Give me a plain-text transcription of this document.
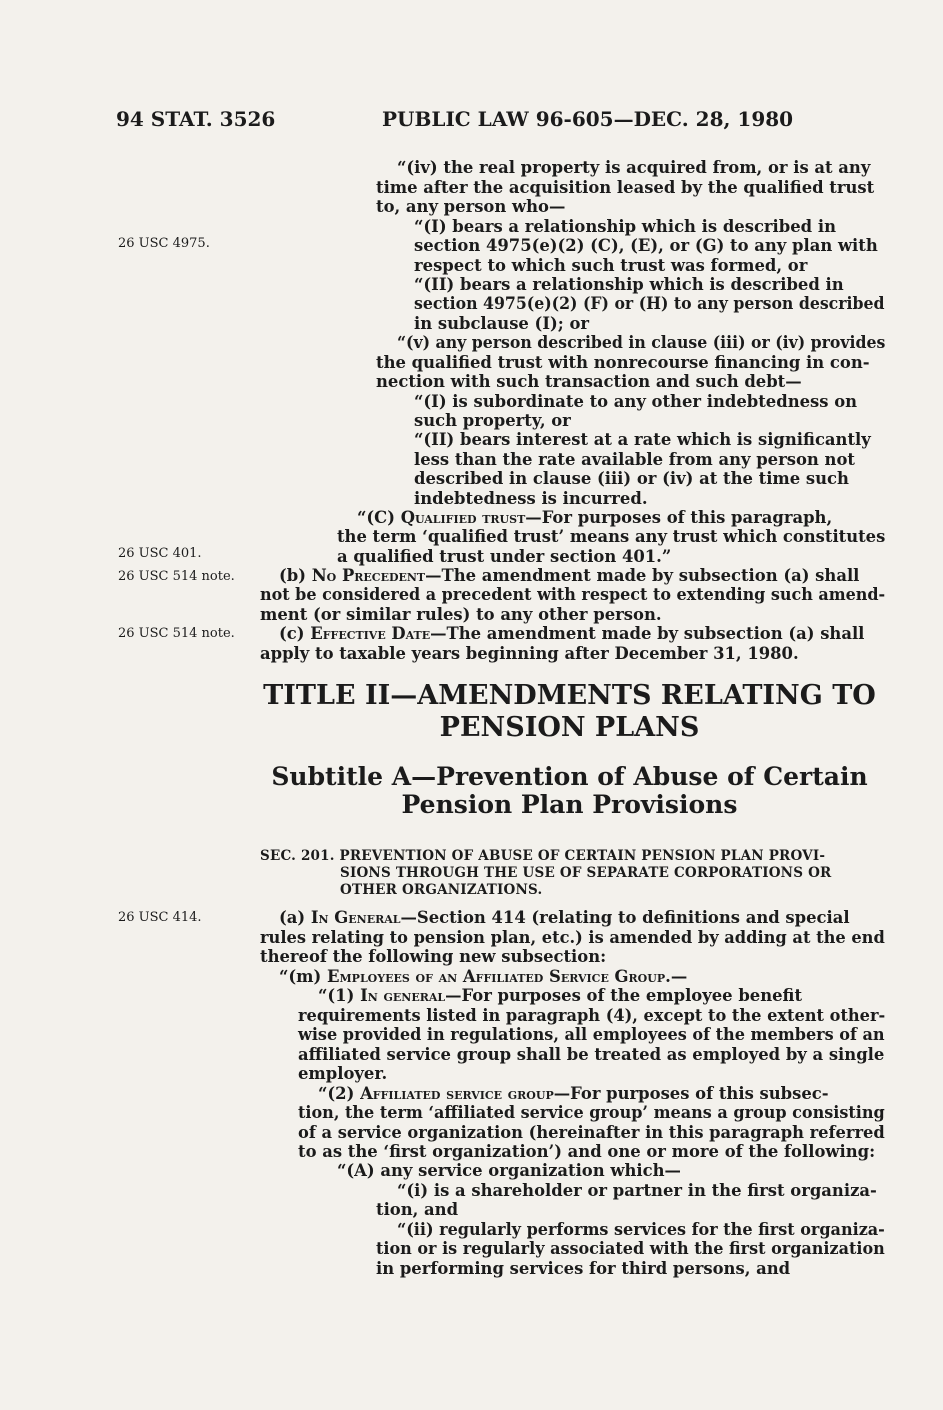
94 STAT. 3526	PUBLIC LAW 96-605—DEC. 28, 1980
26 USC 4975.
26 USC 401.
26 USC 514 note.
26 USC 514 note.
26 USC 414.
“(iv) the real property is acquired from, or is at any
time after the acquisition leased by the qualified trust
to, any person who—
“(I) bears a relationship which is described in
section 4975(e)(2) (C), (E), or (G) to any plan with
respect to which such trust was formed, or
“(II) bears a relationship which is described in
section 4975(e)(2) (F) or (H) to any person described
in subclause (I); or
“(v) any person described in clause (iii) or (iv) provides
the qualified trust with nonrecourse financing in con-
nection with such transaction and such debt—
“(I) is subordinate to any other indebtedness on
such property, or
“(II) bears interest at a rate which is significantly
less than the rate available from any person not
described in clause (iii) or (iv) at the time such
indebtedness is incurred.
“(C) Qualified trust—For purposes of this paragraph,
the term ‘qualified trust’ means any trust which constitutes
a qualified trust under section 401.”
(b) No Precedent—The amendment made by subsection (a) shall
not be considered a precedent with respect to extending such amend-
ment (or similar rules) to any other person.
(c) Effective Date—The amendment made by subsection (a) shall
apply to taxable years beginning after December 31, 1980.
TITLE II—AMENDMENTS RELATING TO
PENSION PLANS
Subtitle A—Prevention of Abuse of Certain
Pension Plan Provisions
SEC. 201. PREVENTION OF ABUSE OF CERTAIN PENSION PLAN PROVI-
SIONS THROUGH THE USE OF SEPARATE CORPORATIONS OR
OTHER ORGANIZATIONS.
(a) In General—Section 414 (relating to definitions and special
rules relating to pension plan, etc.) is amended by adding at the end
thereof the following new subsection:
“(m) Employees of an Affiliated Service Group.—
“(1) In general—For purposes of the employee benefit
requirements listed in paragraph (4), except to the extent other-
wise provided in regulations, all employees of the members of an
affiliated service group shall be treated as employed by a single
employer.
“(2) Affiliated service group—For purposes of this subsec-
tion, the term ‘affiliated service group’ means a group consisting
of a service organization (hereinafter in this paragraph referred
to as the ‘first organization’) and one or more of the following:
“(A) any service organization which—
“(i) is a shareholder or partner in the first organiza-
tion, and
“(ii) regularly performs services for the first organiza-
tion or is regularly associated with the first organization
in performing services for third persons, and
